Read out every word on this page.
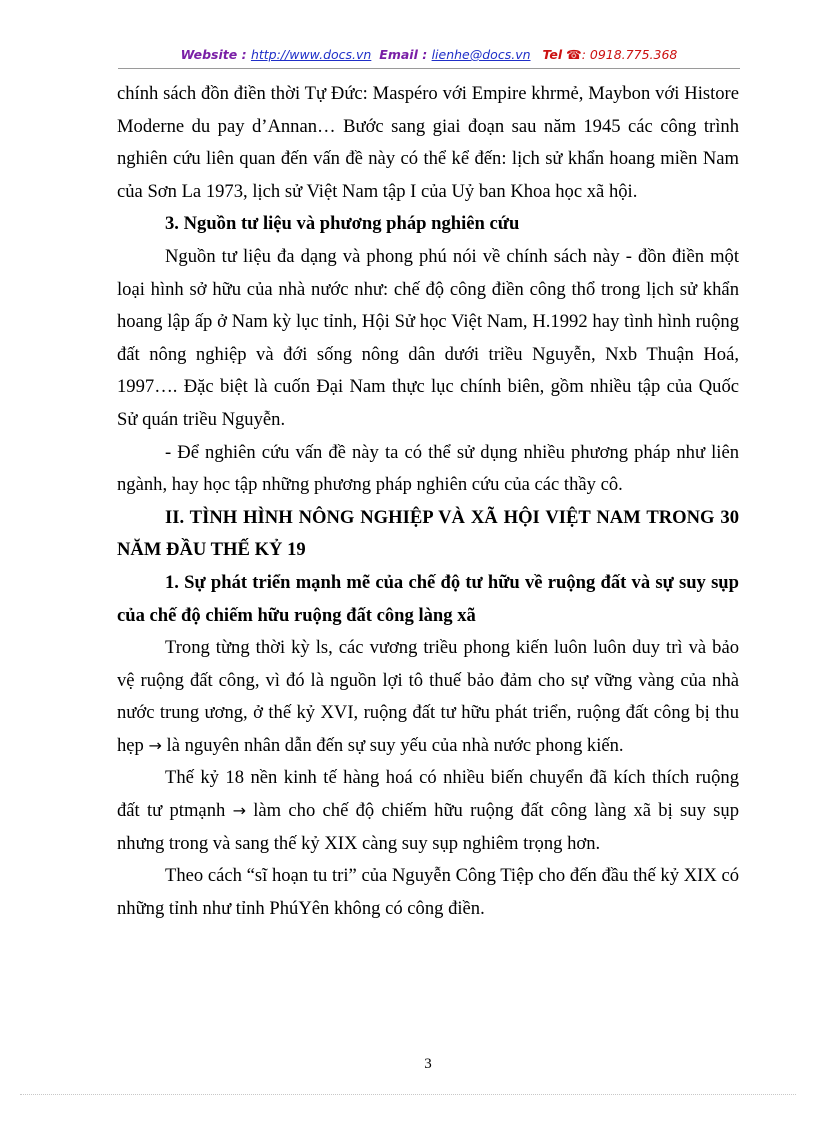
Website : http://www.docs.vn Email : lienhe@docs.vn Tel ☎: 0918.775.368

chính sách đồn điền thời Tự Đức: Maspéro với Empire khrmẻ, Maybon với Histore Moderne du pay d’Annan… Bước sang giai đoạn sau năm 1945 các công trình nghiên cứu liên quan đến vấn đề này có thể kể đến: lịch sử khẩn hoang miền Nam của Sơn La 1973, lịch sử Việt Nam tập I của Uỷ ban Khoa học xã hội.

3. Nguồn tư liệu và phương pháp nghiên cứu

Nguồn tư liệu đa dạng và phong phú nói về chính sách này - đồn điền một loại hình sở hữu của nhà nước như: chế độ công điền công thổ trong lịch sử khẩn hoang lập ấp ở Nam kỳ lục tỉnh, Hội Sử học Việt Nam, H.1992 hay tình hình ruộng đất nông nghiệp và đới sống nông dân dưới triều Nguyễn, Nxb Thuận Hoá, 1997…. Đặc biệt là cuốn Đại Nam thực lục chính biên, gồm nhiều tập của Quốc Sử quán triều Nguyễn.

- Để nghiên cứu vấn đề này ta có thể sử dụng nhiều phương pháp như liên ngành, hay học tập những phương pháp nghiên cứu của các thầy cô.

II. TÌNH HÌNH NÔNG NGHIỆP VÀ XÃ HỘI VIỆT NAM TRONG 30 NĂM ĐẦU THẾ KỶ 19

1. Sự phát triển mạnh mẽ của chế độ tư hữu về ruộng đất và sự suy sụp của chế độ chiếm hữu ruộng đất công làng xã

Trong từng thời kỳ ls, các vương triều phong kiến luôn luôn duy trì và bảo vệ ruộng đất công, vì đó là nguồn lợi tô thuế bảo đảm cho sự vững vàng của nhà nước trung ương, ở thế kỷ XVI, ruộng đất tư hữu phát triển, ruộng đất công bị thu hẹp → là nguyên nhân dẫn đến sự suy yếu của nhà nước phong kiến.

Thế kỷ 18 nền kinh tế hàng hoá có nhiều biến chuyển đã kích thích ruộng đất tư ptmạnh → làm cho chế độ chiếm hữu ruộng đất công làng xã bị suy sụp nhưng trong và sang thế kỷ XIX càng suy sụp nghiêm trọng hơn.

Theo cách “sĩ hoạn tu tri” của Nguyễn Công Tiệp cho đến đầu thế kỷ XIX có những tỉnh như tỉnh PhúYên không có công điền.

3
